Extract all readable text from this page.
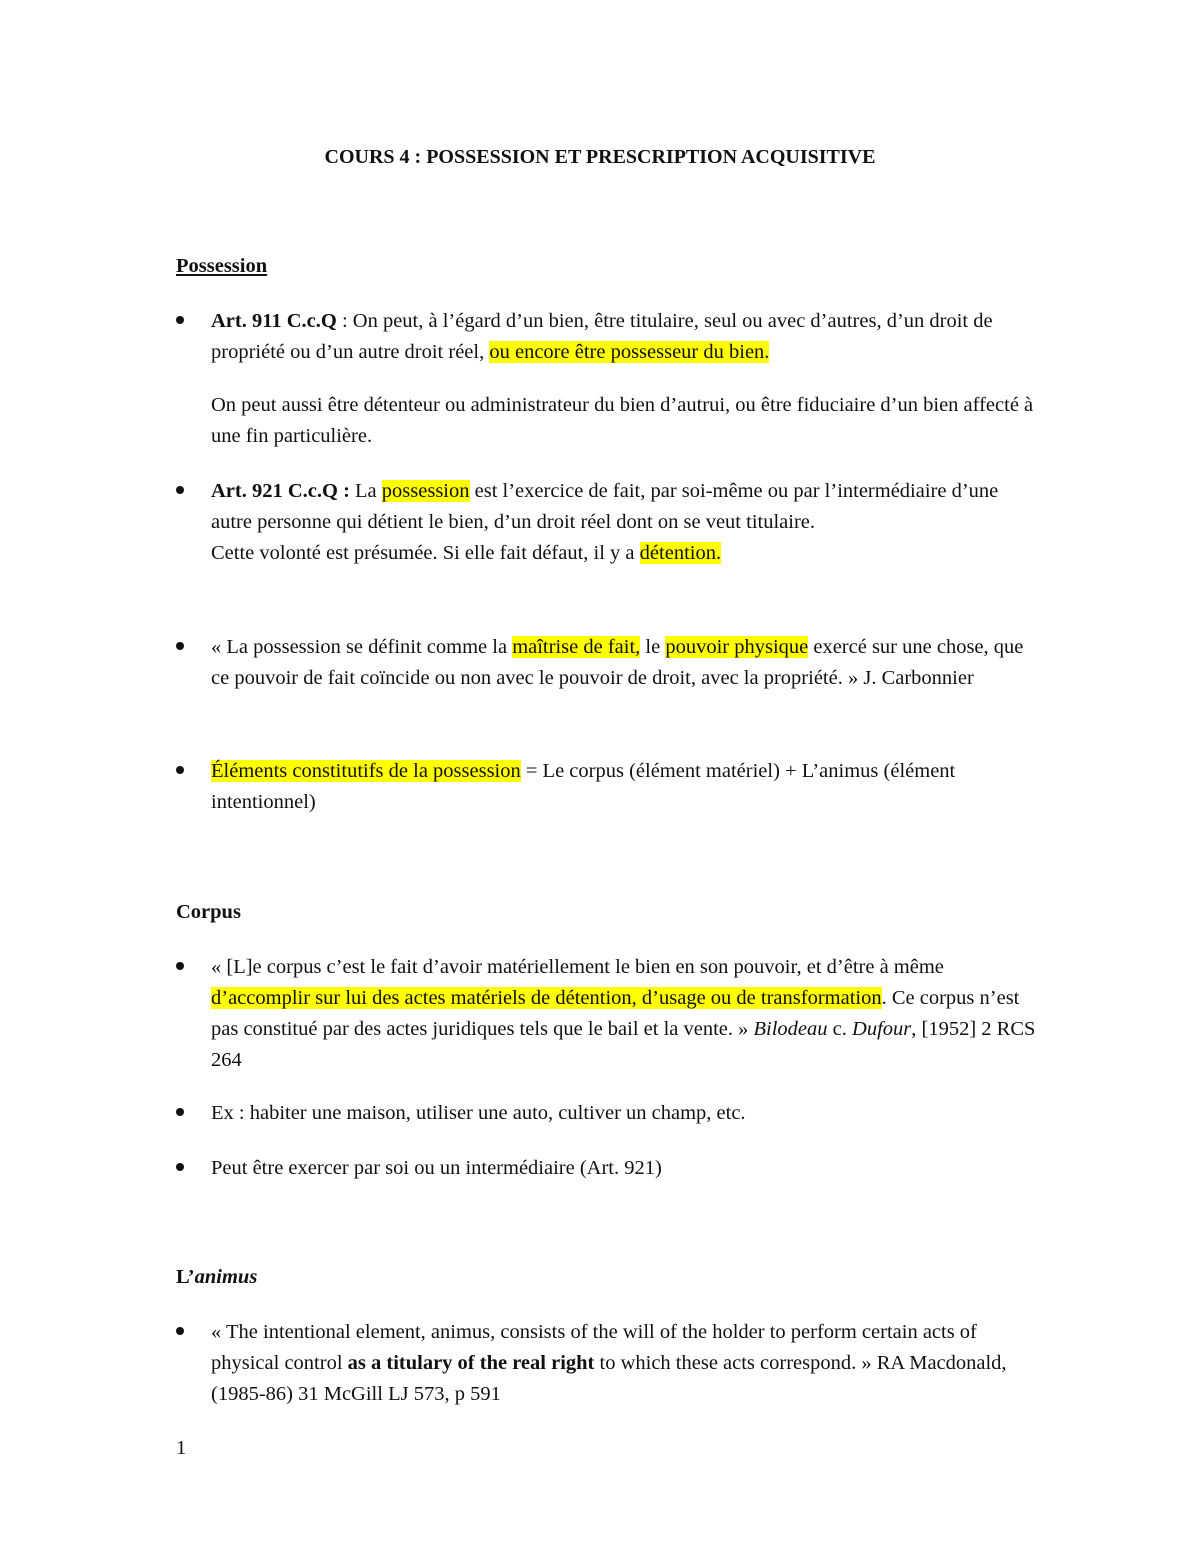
COURS 4 : POSSESSION ET PRESCRIPTION ACQUISITIVE
Possession
Art. 911 C.c.Q : On peut, à l’égard d’un bien, être titulaire, seul ou avec d’autres, d’un droit de propriété ou d’un autre droit réel, ou encore être possesseur du bien.
On peut aussi être détenteur ou administrateur du bien d’autrui, ou être fiduciaire d’un bien affecté à une fin particulière.
Art. 921 C.c.Q : La possession est l’exercice de fait, par soi-même ou par l’intermédiaire d’une autre personne qui détient le bien, d’un droit réel dont on se veut titulaire.
Cette volonté est présumée. Si elle fait défaut, il y a détention.
« La possession se définit comme la maîtrise de fait, le pouvoir physique exercé sur une chose, que ce pouvoir de fait coïncide ou non avec le pouvoir de droit, avec la propriété. » J. Carbonnier
Éléments constitutifs de la possession = Le corpus (élément matériel) + L’animus (élément intentionnel)
Corpus
« [L]e corpus c’est le fait d’avoir matériellement le bien en son pouvoir, et d’être à même d’accomplir sur lui des actes matériels de détention, d’usage ou de transformation. Ce corpus n’est pas constitué par des actes juridiques tels que le bail et la vente. » Bilodeau c. Dufour, [1952] 2 RCS 264
Ex : habiter une maison, utiliser une auto, cultiver un champ, etc.
Peut être exercer par soi ou un intermédiaire (Art. 921)
L’animus
« The intentional element, animus, consists of the will of the holder to perform certain acts of physical control as a titulary of the real right to which these acts correspond. » RA Macdonald, (1985-86) 31 McGill LJ 573, p 591
1
